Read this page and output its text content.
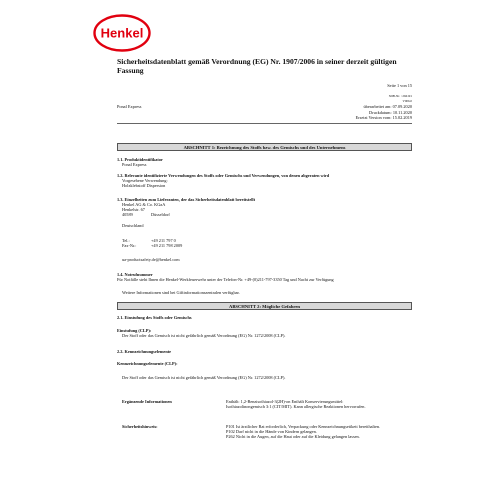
Henkel
Sicherheitsdatenblatt gemäß Verordnung (EG) Nr. 1907/2006 in seiner derzeit gültigen
Fassung
Seite 1 von 15
SDB-Nr. : 266191
V006.0
Ponal Express	überarbeitet am: 07.09.2020
Druckdatum: 10.11.2020
Ersetzt Version vom: 15.02.2019
ABSCHNITT 1: Bezeichnung des Stoffs bzw. des Gemischs und des Unternehmens
1.1. Produktidentifikator
Ponal Express
1.2. Relevante identifizierte Verwendungen des Stoffs oder Gemischs und Verwendungen, von denen abgeraten wird
Vorgesehene Verwendung:
Holzklebstoff Dispersion
1.3. Einzelheiten zum Lieferanten, der das Sicherheitsdatenblatt bereitstellt
Henkel AG & Co. KGaA
Henkelstr. 67
40589	Düsseldorf
Deutschland
Tel.:	+49 211 797 0
Fax-Nr.:	+49 211 798 2009
ua-productsafety.de@henkel.com
1.4. Notrufnummer
Für Notfälle steht Ihnen die Henkel-Werkfeuerwehr unter der Telefon-Nr. +49-(0)211-797-3350 Tag und Nacht zur Verfügung
Weitere Informationen sind bei Giftinformationszentralen verfügbar.
ABSCHNITT 2: Mögliche Gefahren
2.1. Einstufung des Stoffs oder Gemischs
Einstufung (CLP):
Der Stoff oder das Gemisch ist nicht gefährlich gemäß Verordnung (EG) Nr. 1272/2008 (CLP).
2.2. Kennzeichnungselemente
Kennzeichnungselemente (CLP):
Der Stoff oder das Gemisch ist nicht gefährlich gemäß Verordnung (EG) Nr. 1272/2008 (CLP).
Ergänzende Informationen	Enthält: 1,2-Benzisothiazol-3(2H)-on Enthält Konservierungsmittel:
Isothiazolinongemisch 3:1 (CIT/MIT). Kann allergische Reaktionen hervorrufen.
Sicherheitshinweis:	P101 Ist ärztlicher Rat erforderlich, Verpackung oder Kennzeichnungsetikett bereithalten.
P102 Darf nicht in die Hände von Kindern gelangen.
P262 Nicht in die Augen, auf die Haut oder auf die Kleidung gelangen lassen.
